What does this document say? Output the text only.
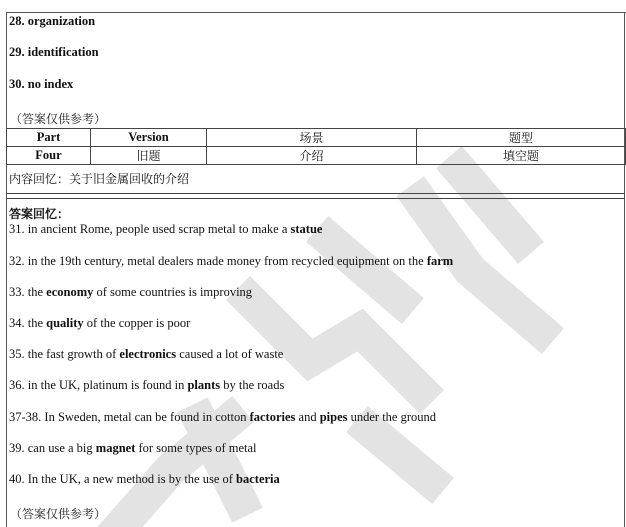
28. organization
29. identification
30. no index
（答案仅供参考）
Part	Version	场景	题型
Four	旧题	介绍	填空题
内容回忆：关于旧金属回收的介绍
答案回忆：
31. in ancient Rome, people used scrap metal to make a statue
32. in the 19th century, metal dealers made money from recycled equipment on the farm
33. the economy of some countries is improving
34. the quality of the copper is poor
35. the fast growth of electronics caused a lot of waste
36. in the UK, platinum is found in plants by the roads
37-38. In Sweden, metal can be found in cotton factories and pipes under the ground
39. can use a big magnet for some types of metal
40. In the UK, a new method is by the use of bacteria
（答案仅供参考）
